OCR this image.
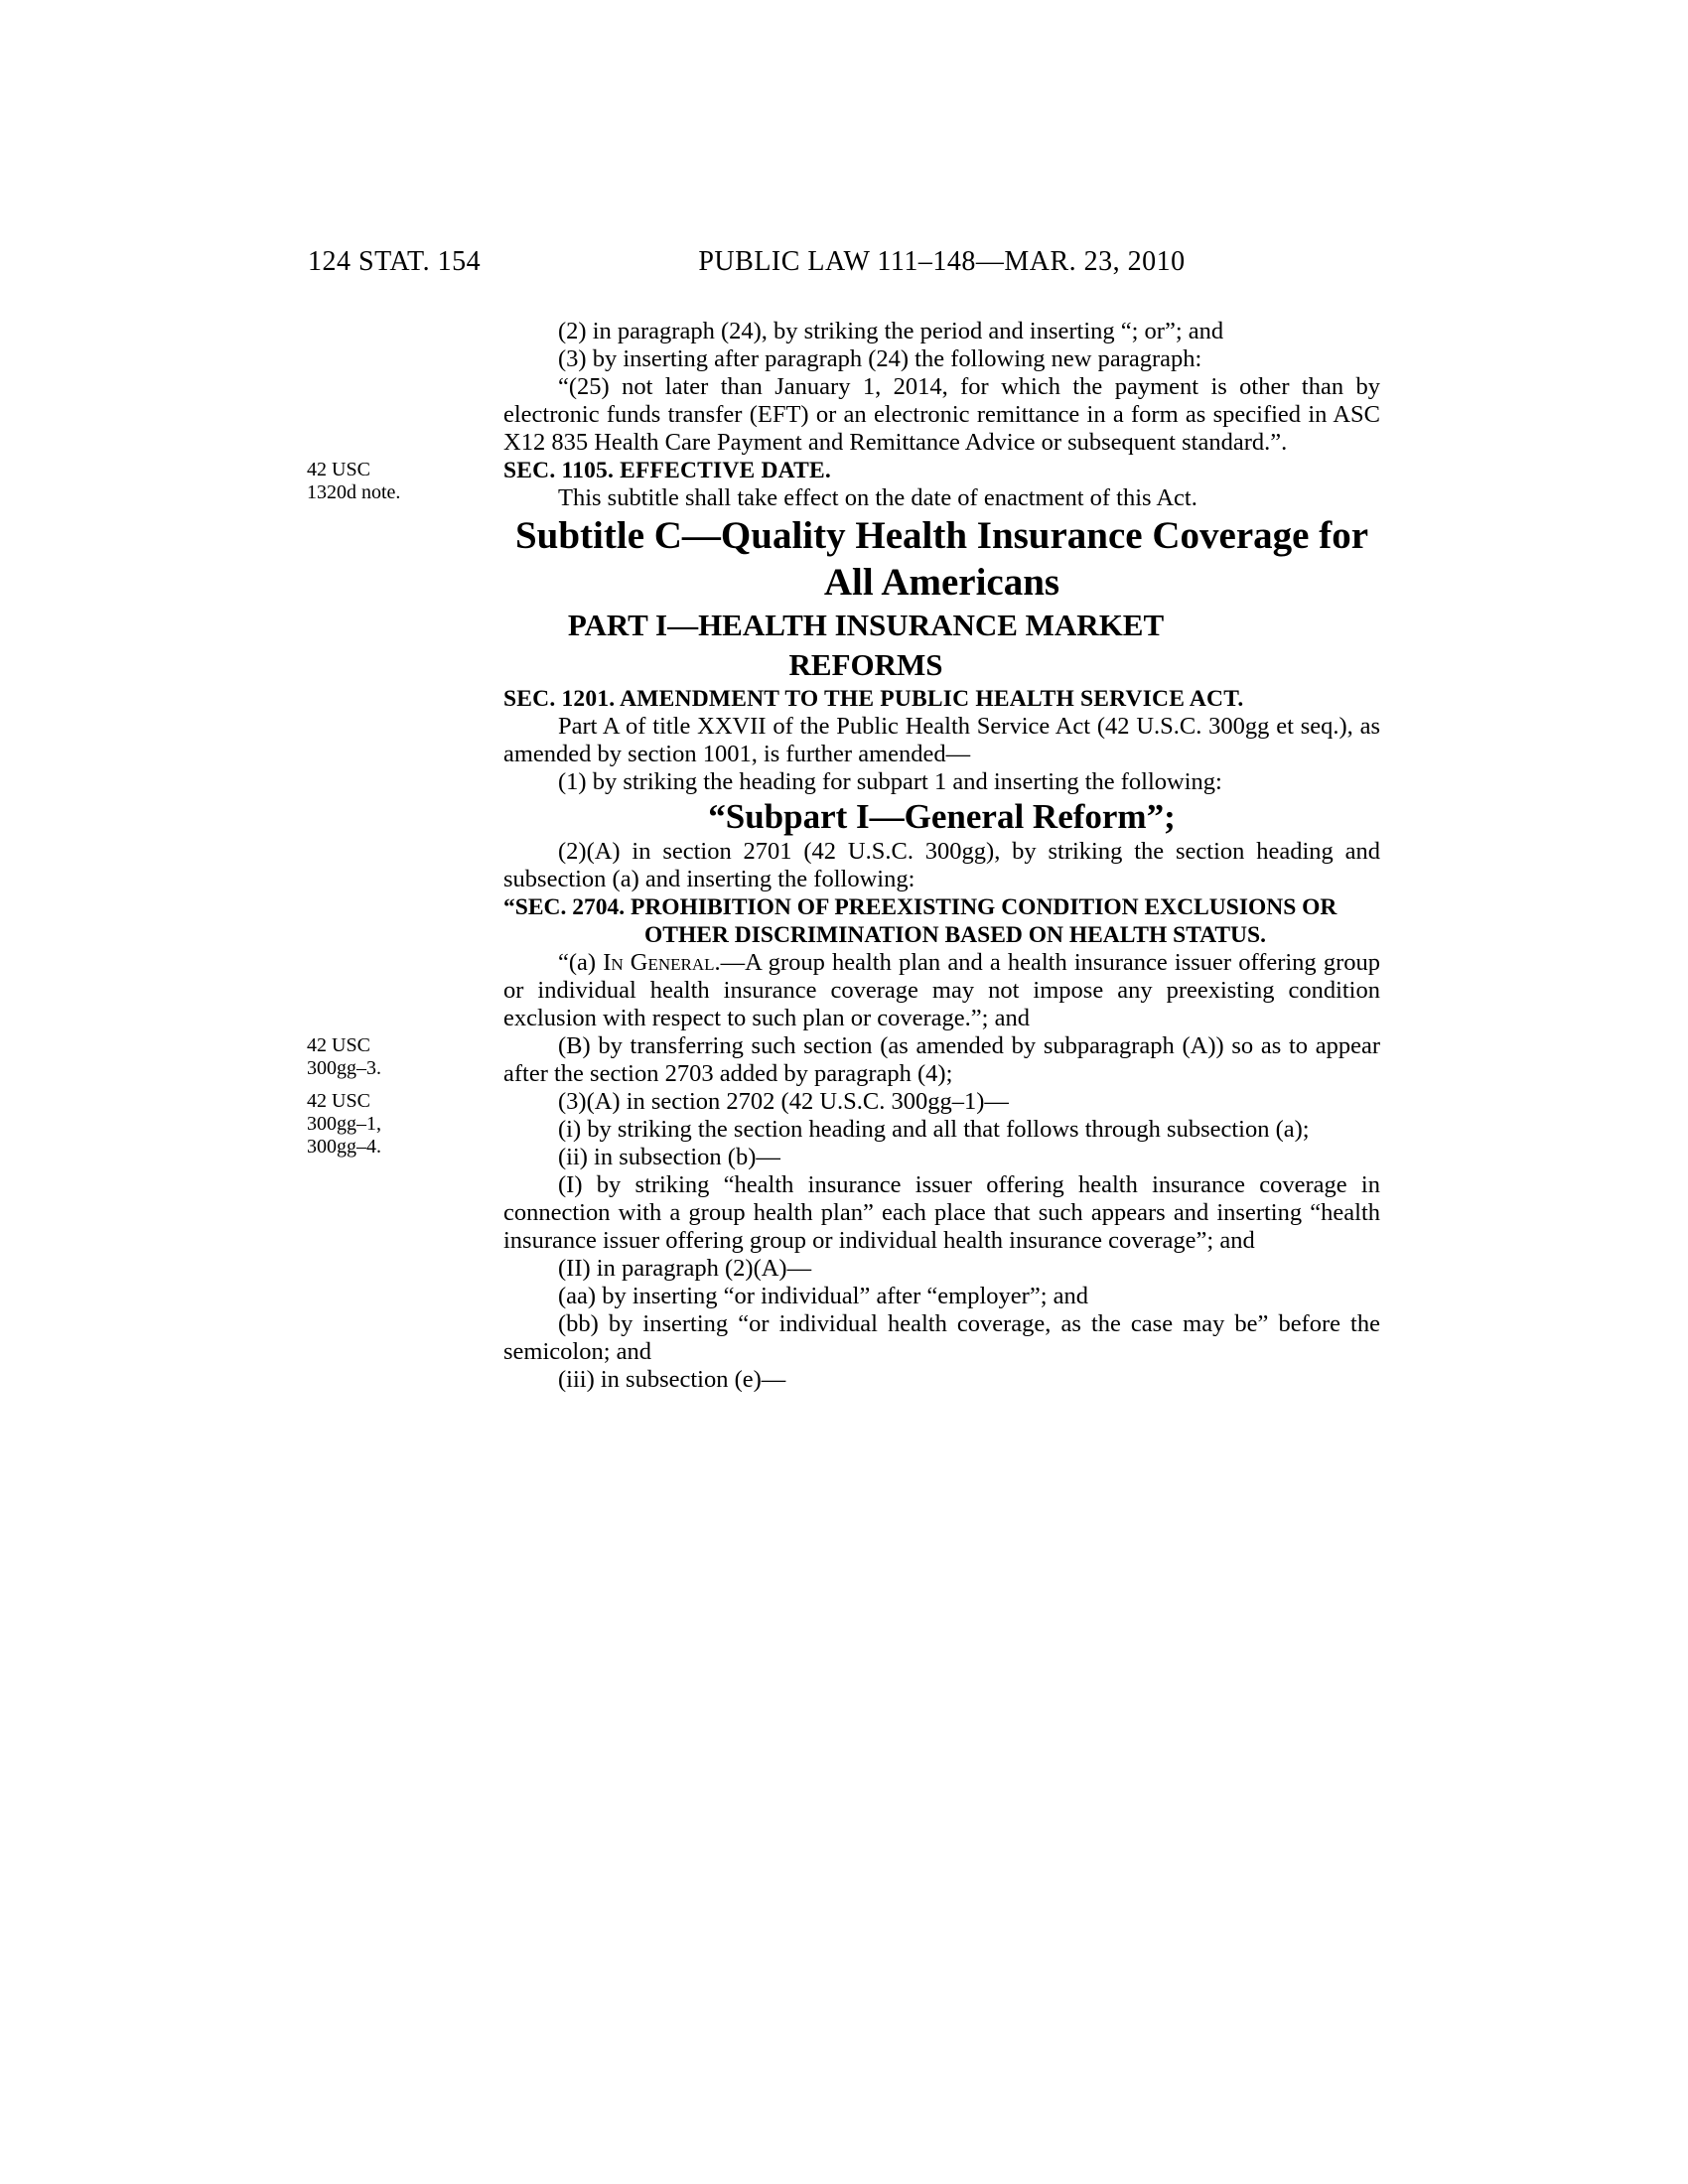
124 STAT. 154	PUBLIC LAW 111–148—MAR. 23, 2010

(2) in paragraph (24), by striking the period and inserting “; or”; and

(3) by inserting after paragraph (24) the following new paragraph:

“(25) not later than January 1, 2014, for which the payment is other than by electronic funds transfer (EFT) or an electronic remittance in a form as specified in ASC X12 835 Health Care Payment and Remittance Advice or subsequent standard.”.

SEC. 1105. EFFECTIVE DATE.

42 USC
1320d note.	This subtitle shall take effect on the date of enactment of this Act.

Subtitle C—Quality Health Insurance Coverage for All Americans

PART I—HEALTH INSURANCE MARKET REFORMS

SEC. 1201. AMENDMENT TO THE PUBLIC HEALTH SERVICE ACT.

Part A of title XXVII of the Public Health Service Act (42 U.S.C. 300gg et seq.), as amended by section 1001, is further amended—

(1) by striking the heading for subpart 1 and inserting the following:

“Subpart I—General Reform”;

(2)(A) in section 2701 (42 U.S.C. 300gg), by striking the section heading and subsection (a) and inserting the following:

“SEC. 2704. PROHIBITION OF PREEXISTING CONDITION EXCLUSIONS OR OTHER DISCRIMINATION BASED ON HEALTH STATUS.

“(a) In General.—A group health plan and a health insurance issuer offering group or individual health insurance coverage may not impose any preexisting condition exclusion with respect to such plan or coverage.”; and

(B) by transferring such section (as amended by subparagraph (A)) so as to appear after the section 2703 added by paragraph (4);

42 USC
300gg–3.

(3)(A) in section 2702 (42 U.S.C. 300gg–1)—

42 USC
300gg–1,
300gg–4.

(i) by striking the section heading and all that follows through subsection (a);

(ii) in subsection (b)—

(I) by striking “health insurance issuer offering health insurance coverage in connection with a group health plan” each place that such appears and inserting “health insurance issuer offering group or individual health insurance coverage”; and

(II) in paragraph (2)(A)—

(aa) by inserting “or individual” after “employer”; and

(bb) by inserting “or individual health coverage, as the case may be” before the semicolon; and

(iii) in subsection (e)—
